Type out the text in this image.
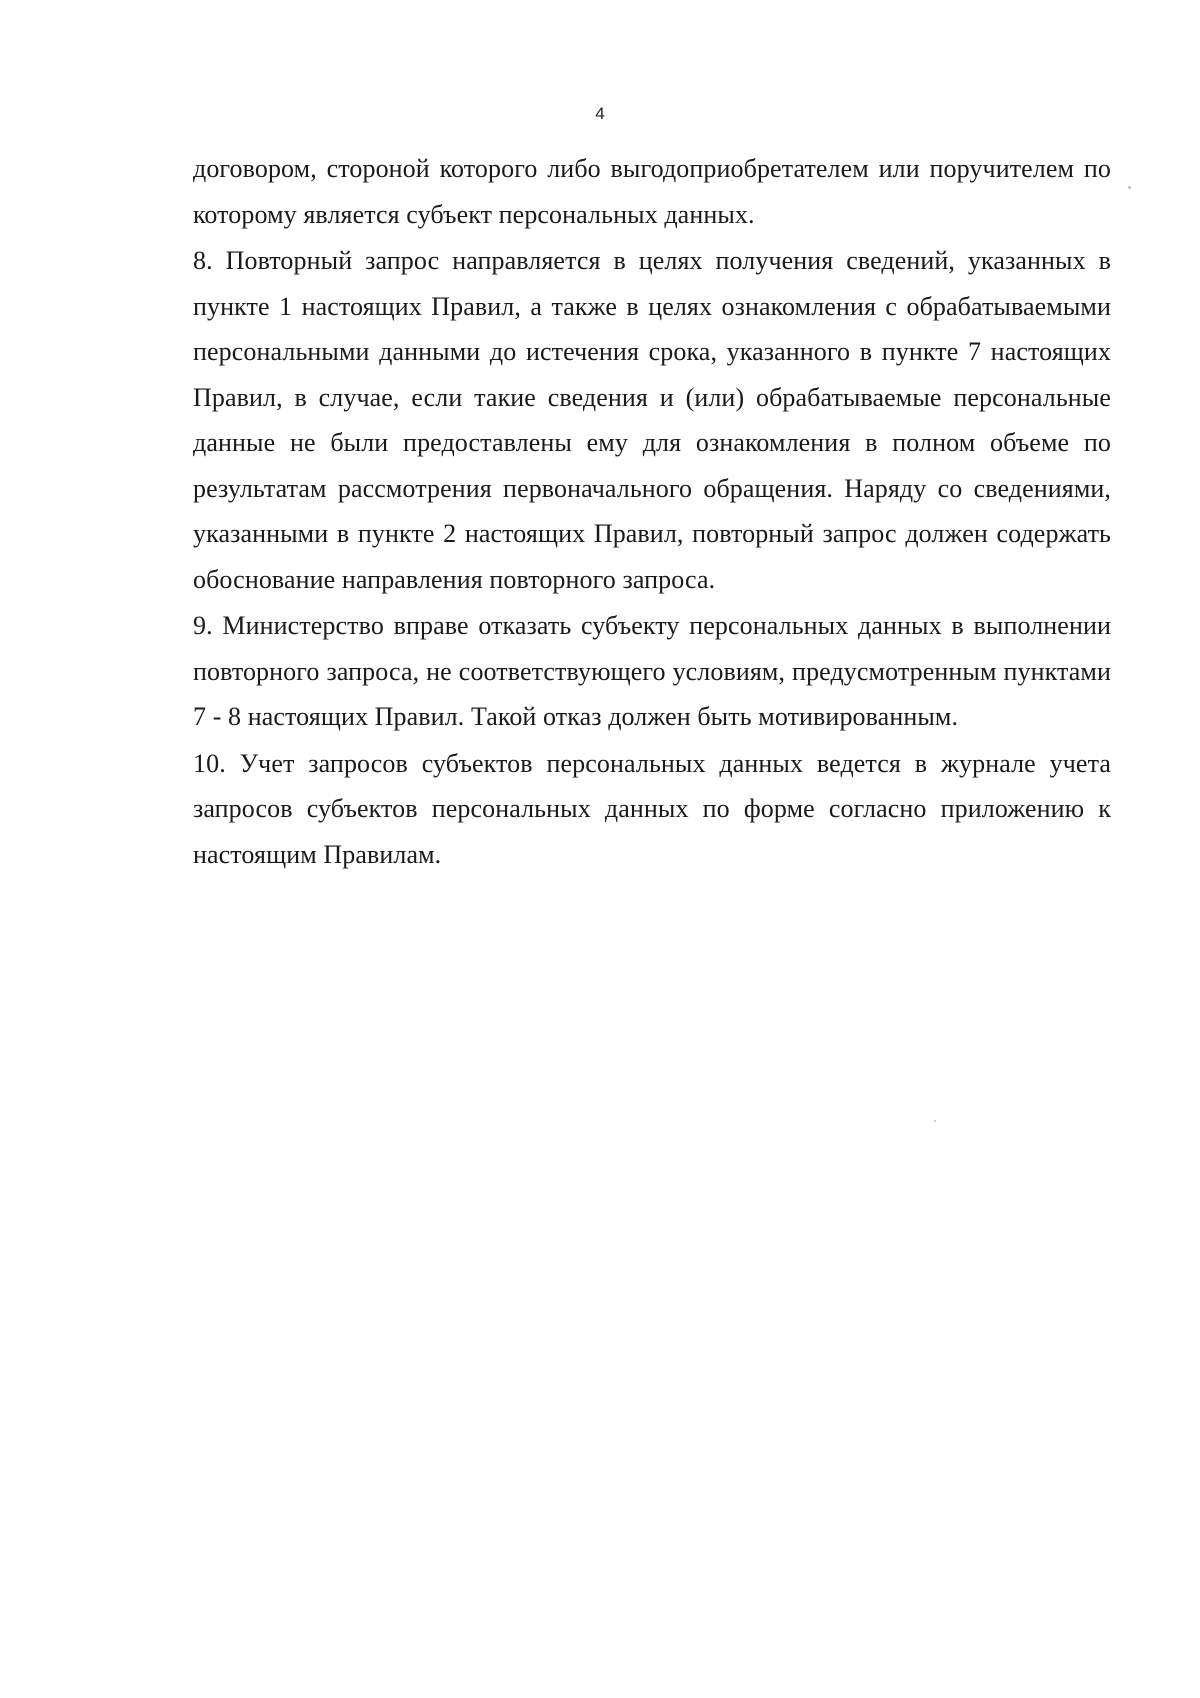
4

договором, стороной которого либо выгодоприобретателем или поручителем по которому является субъект персональных данных.

8. Повторный запрос направляется в целях получения сведений, указанных в пункте 1 настоящих Правил, а также в целях ознакомления с обрабатываемыми персональными данными до истечения срока, указанного в пункте 7 настоящих Правил, в случае, если такие сведения и (или) обрабатываемые персональные данные не были предоставлены ему для ознакомления в полном объеме по результатам рассмотрения первоначального обращения. Наряду со сведениями, указанными в пункте 2 настоящих Правил, повторный запрос должен содержать обоснование направления повторного запроса.

9. Министерство вправе отказать субъекту персональных данных в выполнении повторного запроса, не соответствующего условиям, предусмотренным пунктами 7 - 8 настоящих Правил. Такой отказ должен быть мотивированным.

10. Учет запросов субъектов персональных данных ведется в журнале учета запросов субъектов персональных данных по форме согласно приложению к настоящим Правилам.
